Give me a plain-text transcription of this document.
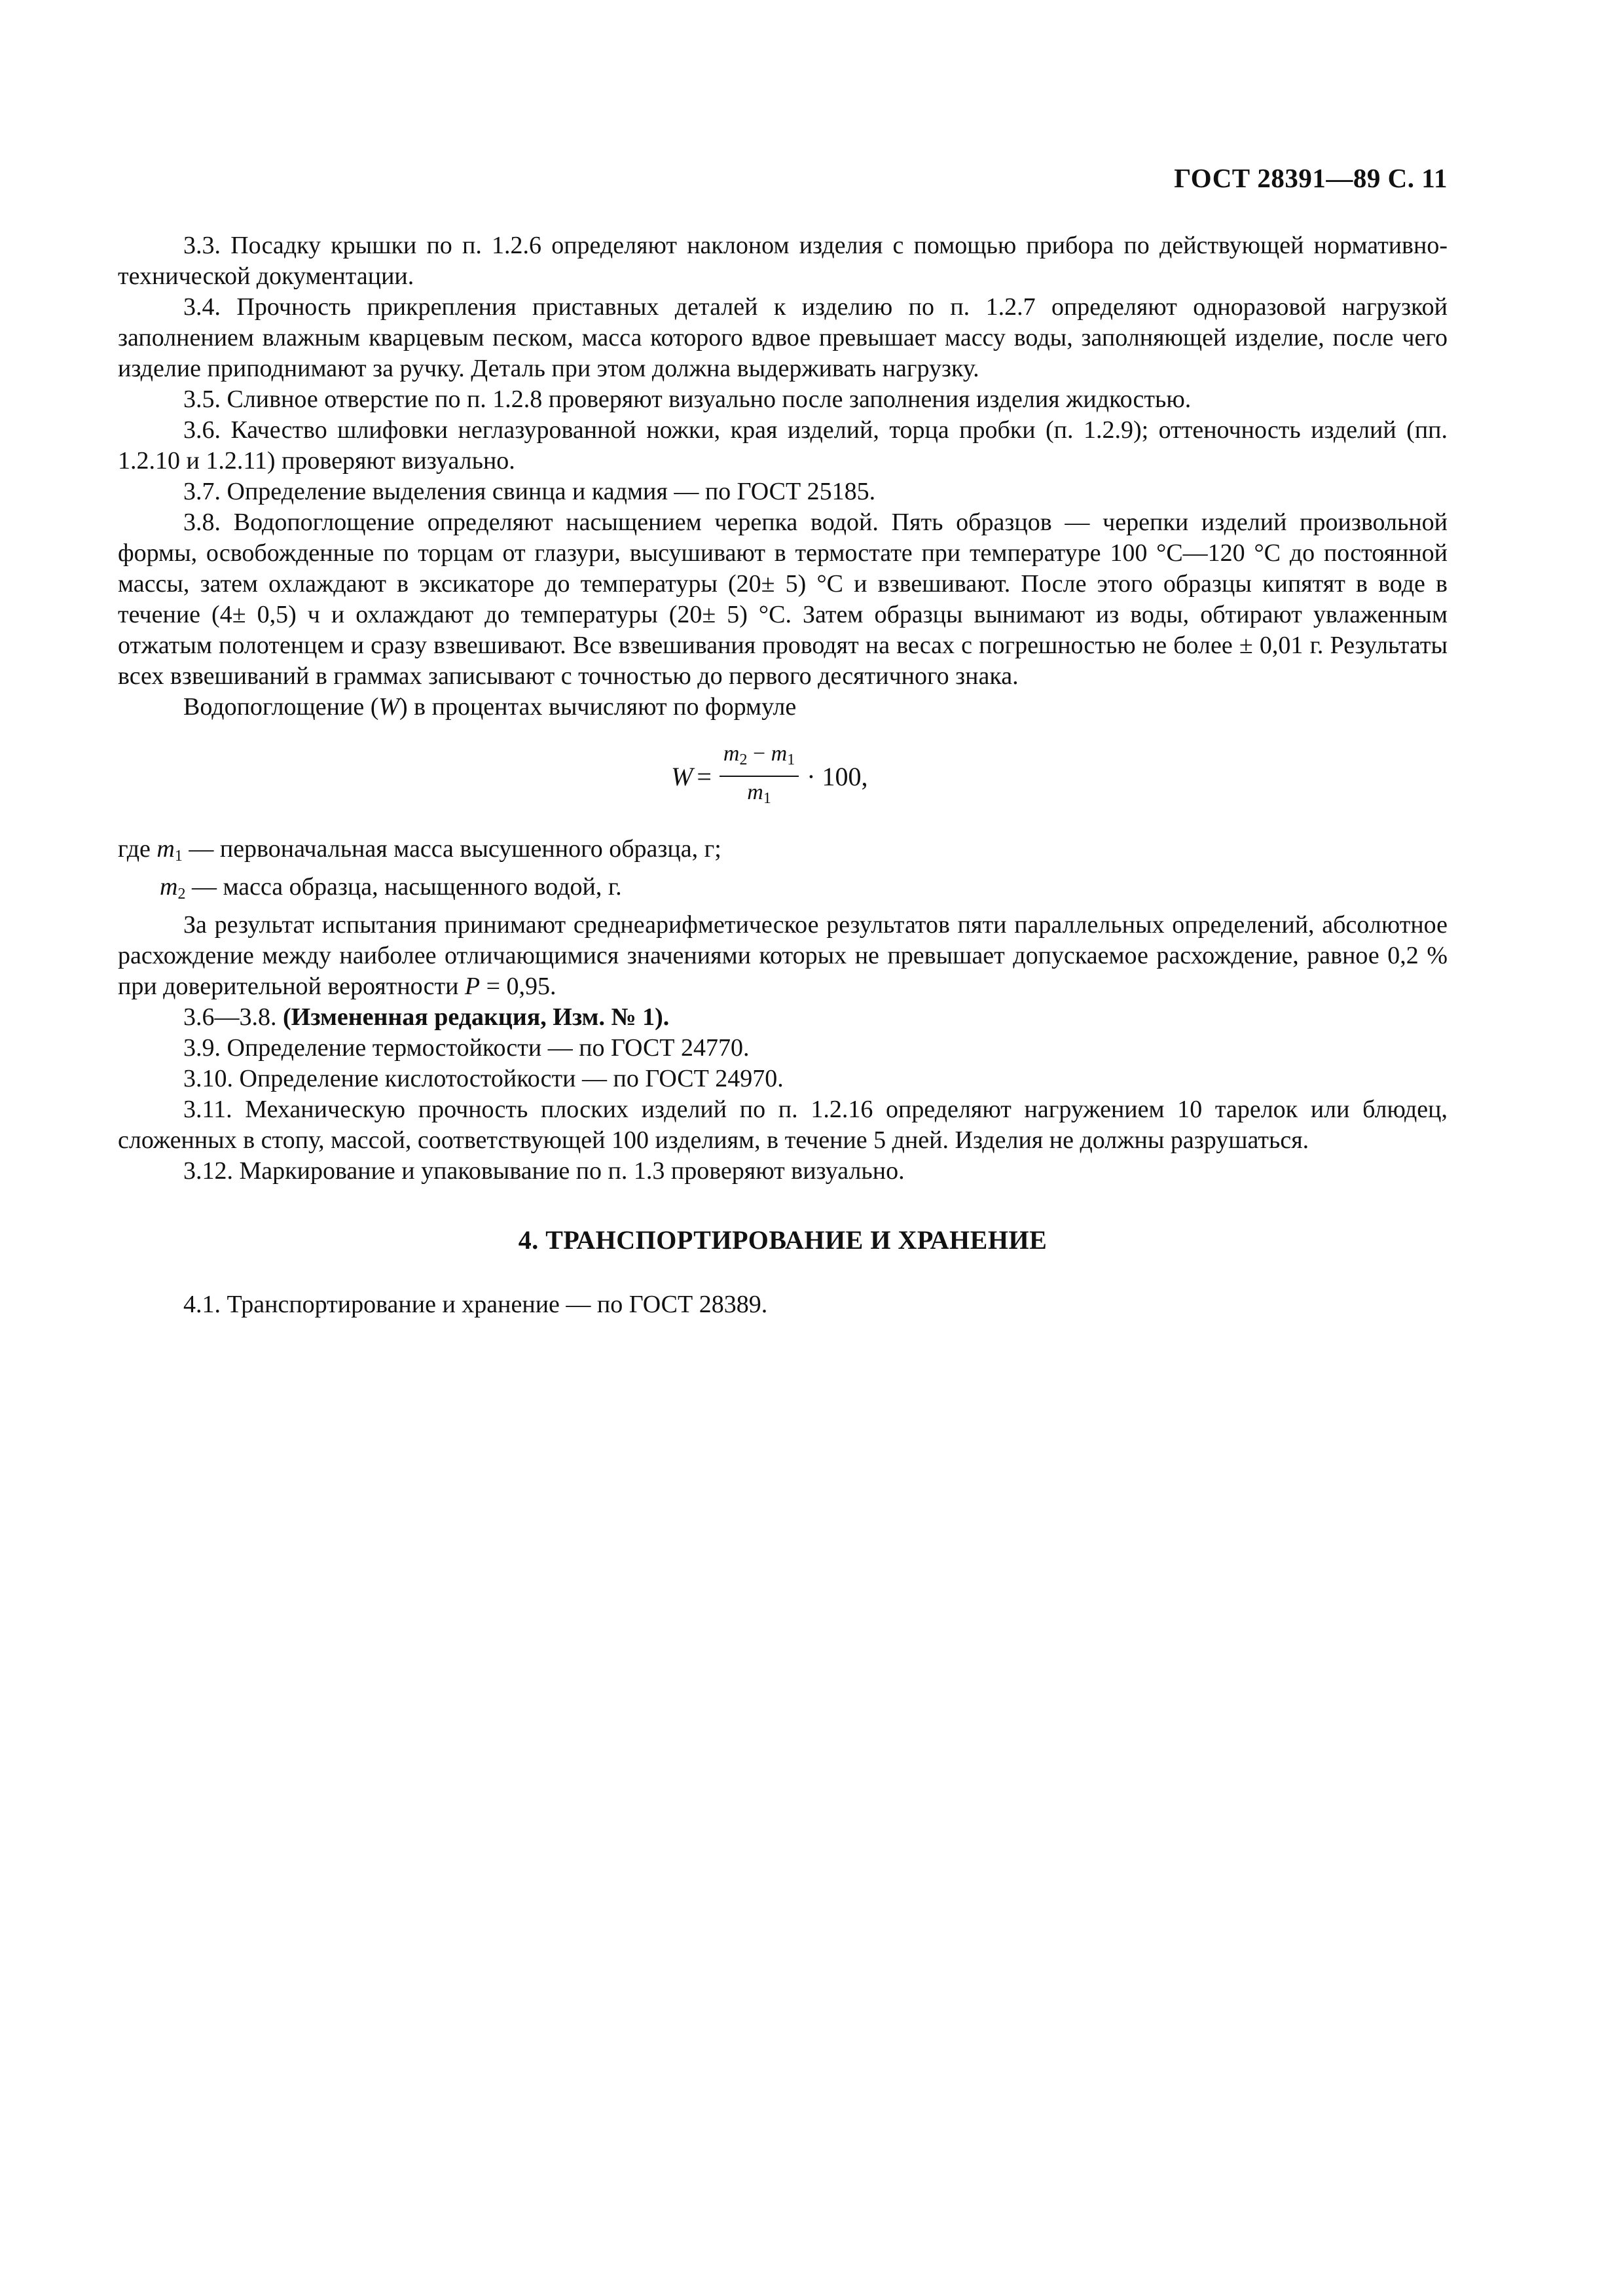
ГОСТ 28391—89 С. 11

3.3. Посадку крышки по п. 1.2.6 определяют наклоном изделия с помощью прибора по действующей нормативно-технической документации.

3.4. Прочность прикрепления приставных деталей к изделию по п. 1.2.7 определяют одноразовой нагрузкой заполнением влажным кварцевым песком, масса которого вдвое превышает массу воды, заполняющей изделие, после чего изделие приподнимают за ручку. Деталь при этом должна выдерживать нагрузку.

3.5. Сливное отверстие по п. 1.2.8 проверяют визуально после заполнения изделия жидкостью.

3.6. Качество шлифовки неглазурованной ножки, края изделий, торца пробки (п. 1.2.9); оттеночность изделий (пп. 1.2.10 и 1.2.11) проверяют визуально.

3.7. Определение выделения свинца и кадмия — по ГОСТ 25185.

3.8. Водопоглощение определяют насыщением черепка водой. Пять образцов — черепки изделий произвольной формы, освобожденные по торцам от глазури, высушивают в термостате при температуре 100 °С—120 °С до постоянной массы, затем охлаждают в эксикаторе до температуры (20± 5) °С и взвешивают. После этого образцы кипятят в воде в течение (4± 0,5) ч и охлаждают до температуры (20± 5) °С. Затем образцы вынимают из воды, обтирают увлаженным отжатым полотенцем и сразу взвешивают. Все взвешивания проводят на весах с погрешностью не более ± 0,01 г. Результаты всех взвешиваний в граммах записывают с точностью до первого десятичного знака.

Водопоглощение (W) в процентах вычисляют по формуле

$W = \frac{m_2 - m_1}{m_1} \cdot 100$,

где $m_1$ — первоначальная масса высушенного образца, г;

$m_2$ — масса образца, насыщенного водой, г.

За результат испытания принимают среднеарифметическое результатов пяти параллельных определений, абсолютное расхождение между наиболее отличающимися значениями которых не превышает допускаемое расхождение, равное 0,2 % при доверительной вероятности P = 0,95.

3.6—3.8. (Измененная редакция, Изм. № 1).

3.9. Определение термостойкости — по ГОСТ 24770.

3.10. Определение кислотостойкости — по ГОСТ 24970.

3.11. Механическую прочность плоских изделий по п. 1.2.16 определяют нагружением 10 тарелок или блюдец, сложенных в стопу, массой, соответствующей 100 изделиям, в течение 5 дней. Изделия не должны разрушаться.

3.12. Маркирование и упаковывание по п. 1.3 проверяют визуально.

4. ТРАНСПОРТИРОВАНИЕ И ХРАНЕНИЕ

4.1. Транспортирование и хранение — по ГОСТ 28389.
